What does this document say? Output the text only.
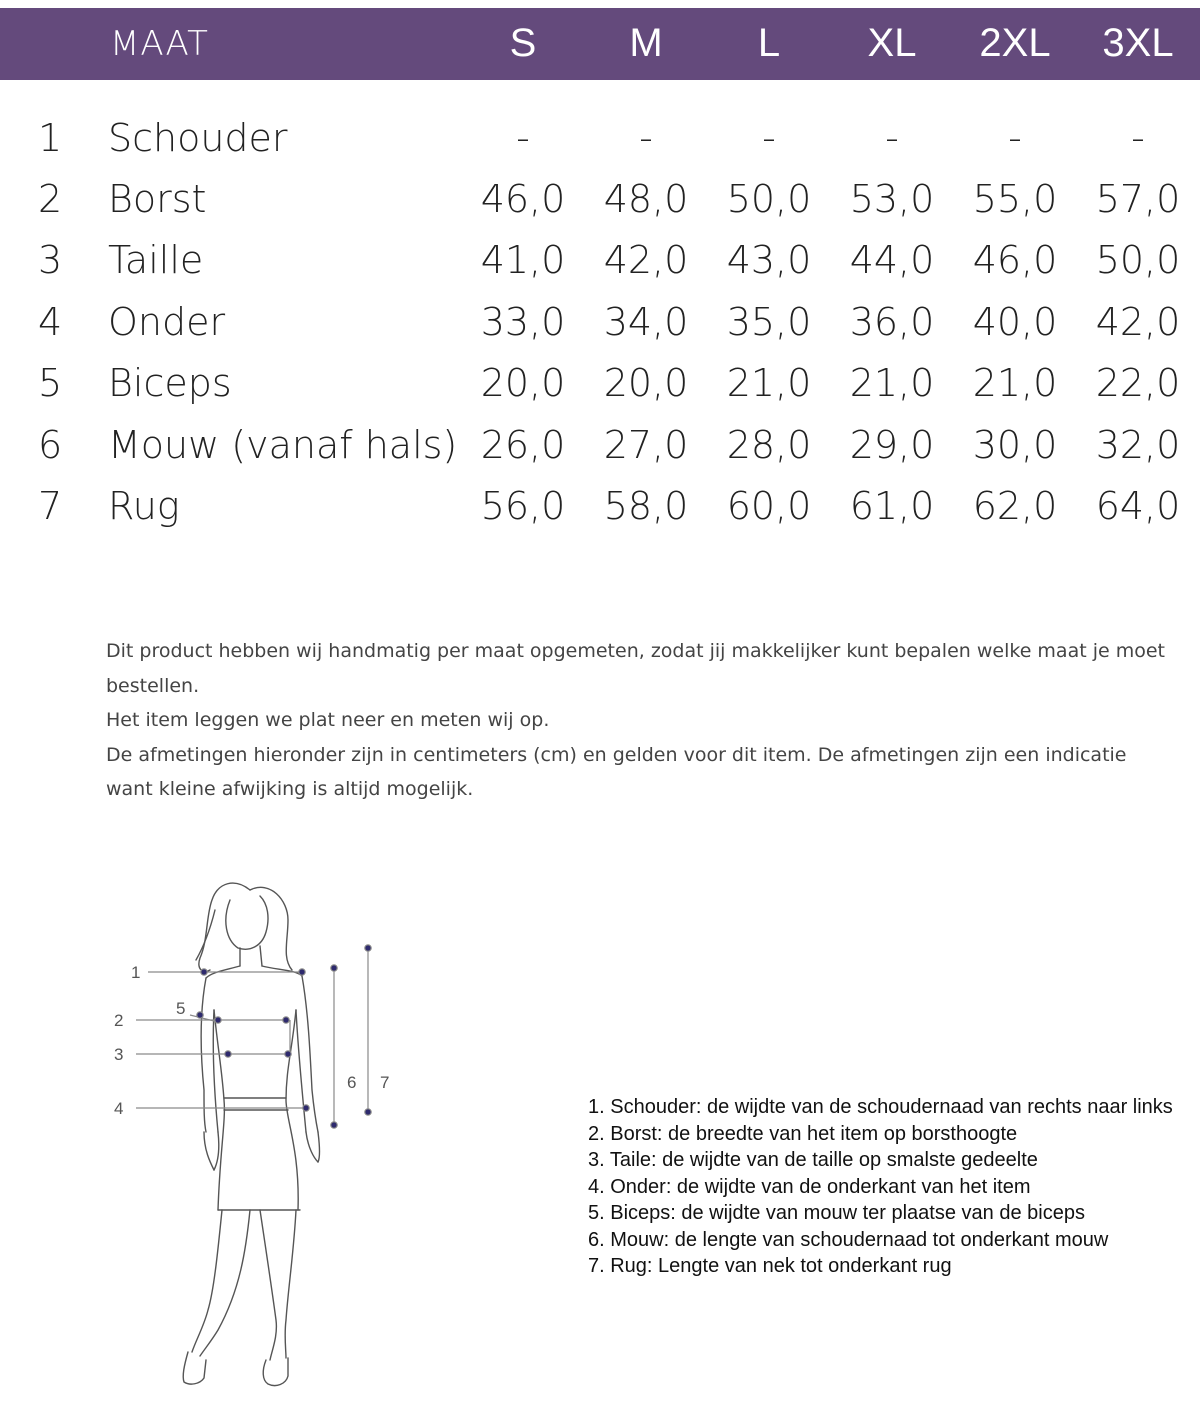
MAAT	S	M	L	XL	2XL	3XL
1 Schouder	-	-	-	-	-	-
2 Borst	46,0	48,0	50,0	53,0	55,0	57,0
3 Taille	41,0	42,0	43,0	44,0	46,0	50,0
4 Onder	33,0	34,0	35,0	36,0	40,0	42,0
5 Biceps	20,0	20,0	21,0	21,0	21,0	22,0
6 Mouw (vanaf hals) 26,0	27,0	28,0	29,0	30,0	32,0
7 Rug	56,0	58,0	60,0	61,0	62,0	64,0

Dit product hebben wij handmatig per maat opgemeten, zodat jij makkelijker kunt bepalen welke maat je moet bestellen.

Het item leggen we plat neer en meten wij op.

De afmetingen hieronder zijn in centimeters (cm) en gelden voor dit item. De afmetingen zijn een indicatie want kleine afwijking is altijd mogelijk.

1
2
3
4
5
6 7
1. Schouder: de wijdte van de schoudernaad van rechts naar links
2. Borst: de breedte van het item op borsthoogte
3. Taile: de wijdte van de taille op smalste gedeelte
4. Onder: de wijdte van de onderkant van het item
5. Biceps: de wijdte van mouw ter plaatse van de biceps
6. Mouw: de lengte van schoudernaad tot onderkant mouw
7. Rug: Lengte van nek tot onderkant rug
